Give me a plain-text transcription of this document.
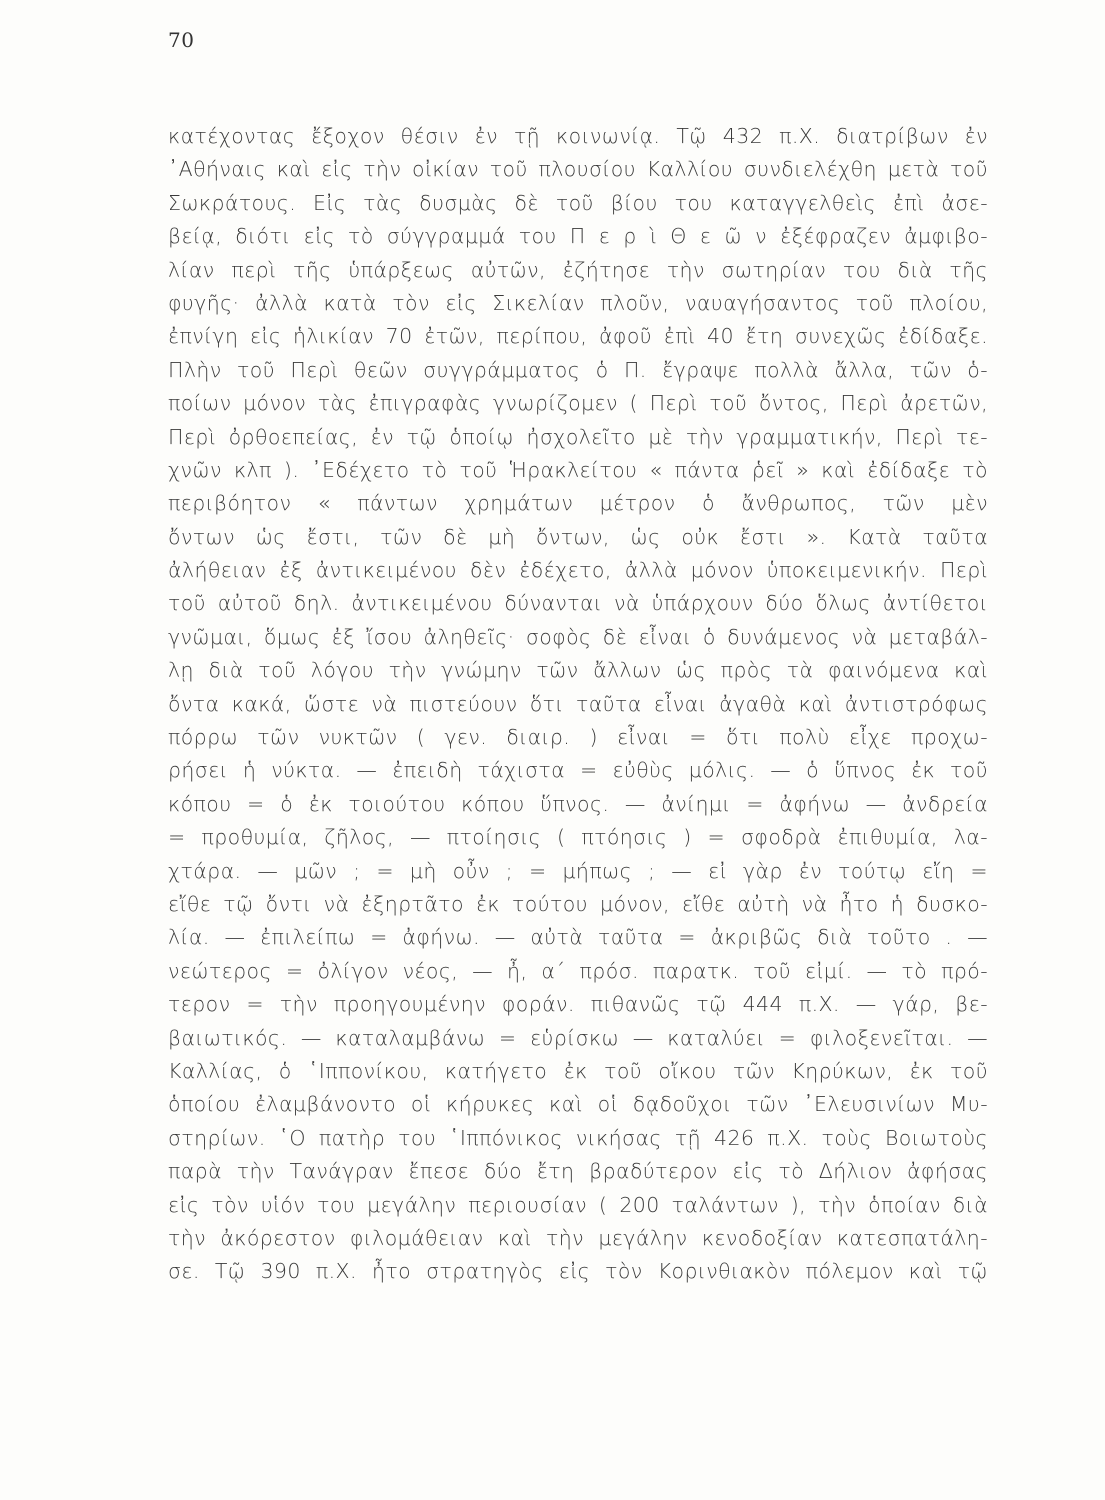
70
κατέχοντας ἔξοχον θέσιν ἐν τῇ κοινωνίᾳ. Τῷ 432 π.Χ. διατρίβων ἐν
᾿Αθήναις καὶ εἰς τὴν οἰκίαν τοῦ πλουσίου Καλλίου συνδιελέχθη μετὰ τοῦ
Σωκράτους. Εἰς τὰς δυσμὰς δὲ τοῦ βίου του καταγγελθεὶς ἐπὶ ἀσε-
βείᾳ, διότι εἰς τὸ σύγγραμμά του Π ε ρ ὶ Θ ε ῶ ν ἐξέφραζεν ἀμφιβο-
λίαν περὶ τῆς ὑπάρξεως αὐτῶν, ἐζήτησε τὴν σωτηρίαν του διὰ τῆς
φυγῆς· ἀλλὰ κατὰ τὸν εἰς Σικελίαν πλοῦν, ναυαγήσαντος τοῦ πλοίου,
ἐπνίγη εἰς ἡλικίαν 70 ἐτῶν, περίπου, ἀφοῦ ἐπὶ 40 ἔτη συνεχῶς ἐδίδαξε.
Πλὴν τοῦ Περὶ θεῶν συγγράμματος ὁ Π. ἔγραψε πολλὰ ἄλλα, τῶν ὁ-
ποίων μόνον τὰς ἐπιγραφὰς γνωρίζομεν ( Περὶ τοῦ ὄντος, Περὶ ἀρετῶν,
Περὶ ὀρθοεπείας, ἐν τῷ ὁποίῳ ἠσχολεῖτο μὲ τὴν γραμματικήν, Περὶ τε-
χνῶν κλπ ). ᾿Εδέχετο τὸ τοῦ Ἡρακλείτου « πάντα ῥεῖ » καὶ ἐδίδαξε τὸ
περιβόητον « πάντων χρημάτων μέτρον ὁ ἄνθρωπος, τῶν μὲν
ὄντων ὡς ἔστι, τῶν δὲ μὴ ὄντων, ὡς οὐκ ἔστι ». Κατὰ ταῦτα
ἀλήθειαν ἐξ ἀντικειμένου δὲν ἐδέχετο, ἀλλὰ μόνον ὑποκειμενικήν. Περὶ
τοῦ αὐτοῦ δηλ. ἀντικειμένου δύνανται νὰ ὑπάρχουν δύο ὅλως ἀντίθετοι
γνῶμαι, ὅμως ἐξ ἴσου ἀληθεῖς· σοφὸς δὲ εἶναι ὁ δυνάμενος νὰ μεταβάλ-
λῃ διὰ τοῦ λόγου τὴν γνώμην τῶν ἄλλων ὡς πρὸς τὰ φαινόμενα καὶ
ὄντα κακά, ὥστε νὰ πιστεύουν ὅτι ταῦτα εἶναι ἀγαθὰ καὶ ἀντιστρόφως
πόρρω τῶν νυκτῶν ( γεν. διαιρ. ) εἶναι = ὅτι πολὺ εἶχε προχω-
ρήσει ἡ νύκτα. — ἐπειδὴ τάχιστα = εὐθὺς μόλις. — ὁ ὕπνος ἐκ τοῦ
κόπου = ὁ ἐκ τοιούτου κόπου ὕπνος. — ἀνίημι = ἀφήνω — ἀνδρεία
= προθυμία, ζῆλος, — πτοίησις ( πτόησις ) = σφοδρὰ ἐπιθυμία, λα-
χτάρα. — μῶν ; = μὴ οὖν ; = μήπως ; — εἰ γὰρ ἐν τούτῳ εἴη =
εἴθε τῷ ὄντι νὰ ἐξηρτᾶτο ἐκ τούτου μόνον, εἴθε αὐτὴ νὰ ἦτο ἡ δυσκο-
λία. — ἐπιλείπω = ἀφήνω. — αὐτὰ ταῦτα = ἀκριβῶς διὰ τοῦτο . —
νεώτερος = ὀλίγον νέος, — ἦ, α´ πρόσ. παρατκ. τοῦ εἰμί. — τὸ πρό-
τερον = τὴν προηγουμένην φοράν. πιθανῶς τῷ 444 π.Χ. — γάρ, βε-
βαιωτικός. — καταλαμβάνω = εὑρίσκω — καταλύει = φιλοξενεῖται. —
Καλλίας, ὁ ῾Ιππονίκου, κατήγετο ἐκ τοῦ οἴκου τῶν Κηρύκων, ἐκ τοῦ
ὁποίου ἐλαμβάνοντο οἱ κήρυκες καὶ οἱ δᾳδοῦχοι τῶν ᾿Ελευσινίων Μυ-
στηρίων. ῾Ο πατὴρ του ῾Ιππόνικος νικήσας τῇ 426 π.Χ. τοὺς Βοιωτοὺς
παρὰ τὴν Τανάγραν ἔπεσε δύο ἔτη βραδύτερον εἰς τὸ Δήλιον ἀφήσας
εἰς τὸν υἱόν του μεγάλην περιουσίαν ( 200 ταλάντων ), τὴν ὁποίαν διὰ
τὴν ἀκόρεστον φιλομάθειαν καὶ τὴν μεγάλην κενοδοξίαν κατεσπατάλη-
σε. Τῷ 390 π.Χ. ἦτο στρατηγὸς εἰς τὸν Κορινθιακὸν πόλεμον καὶ τῷ
